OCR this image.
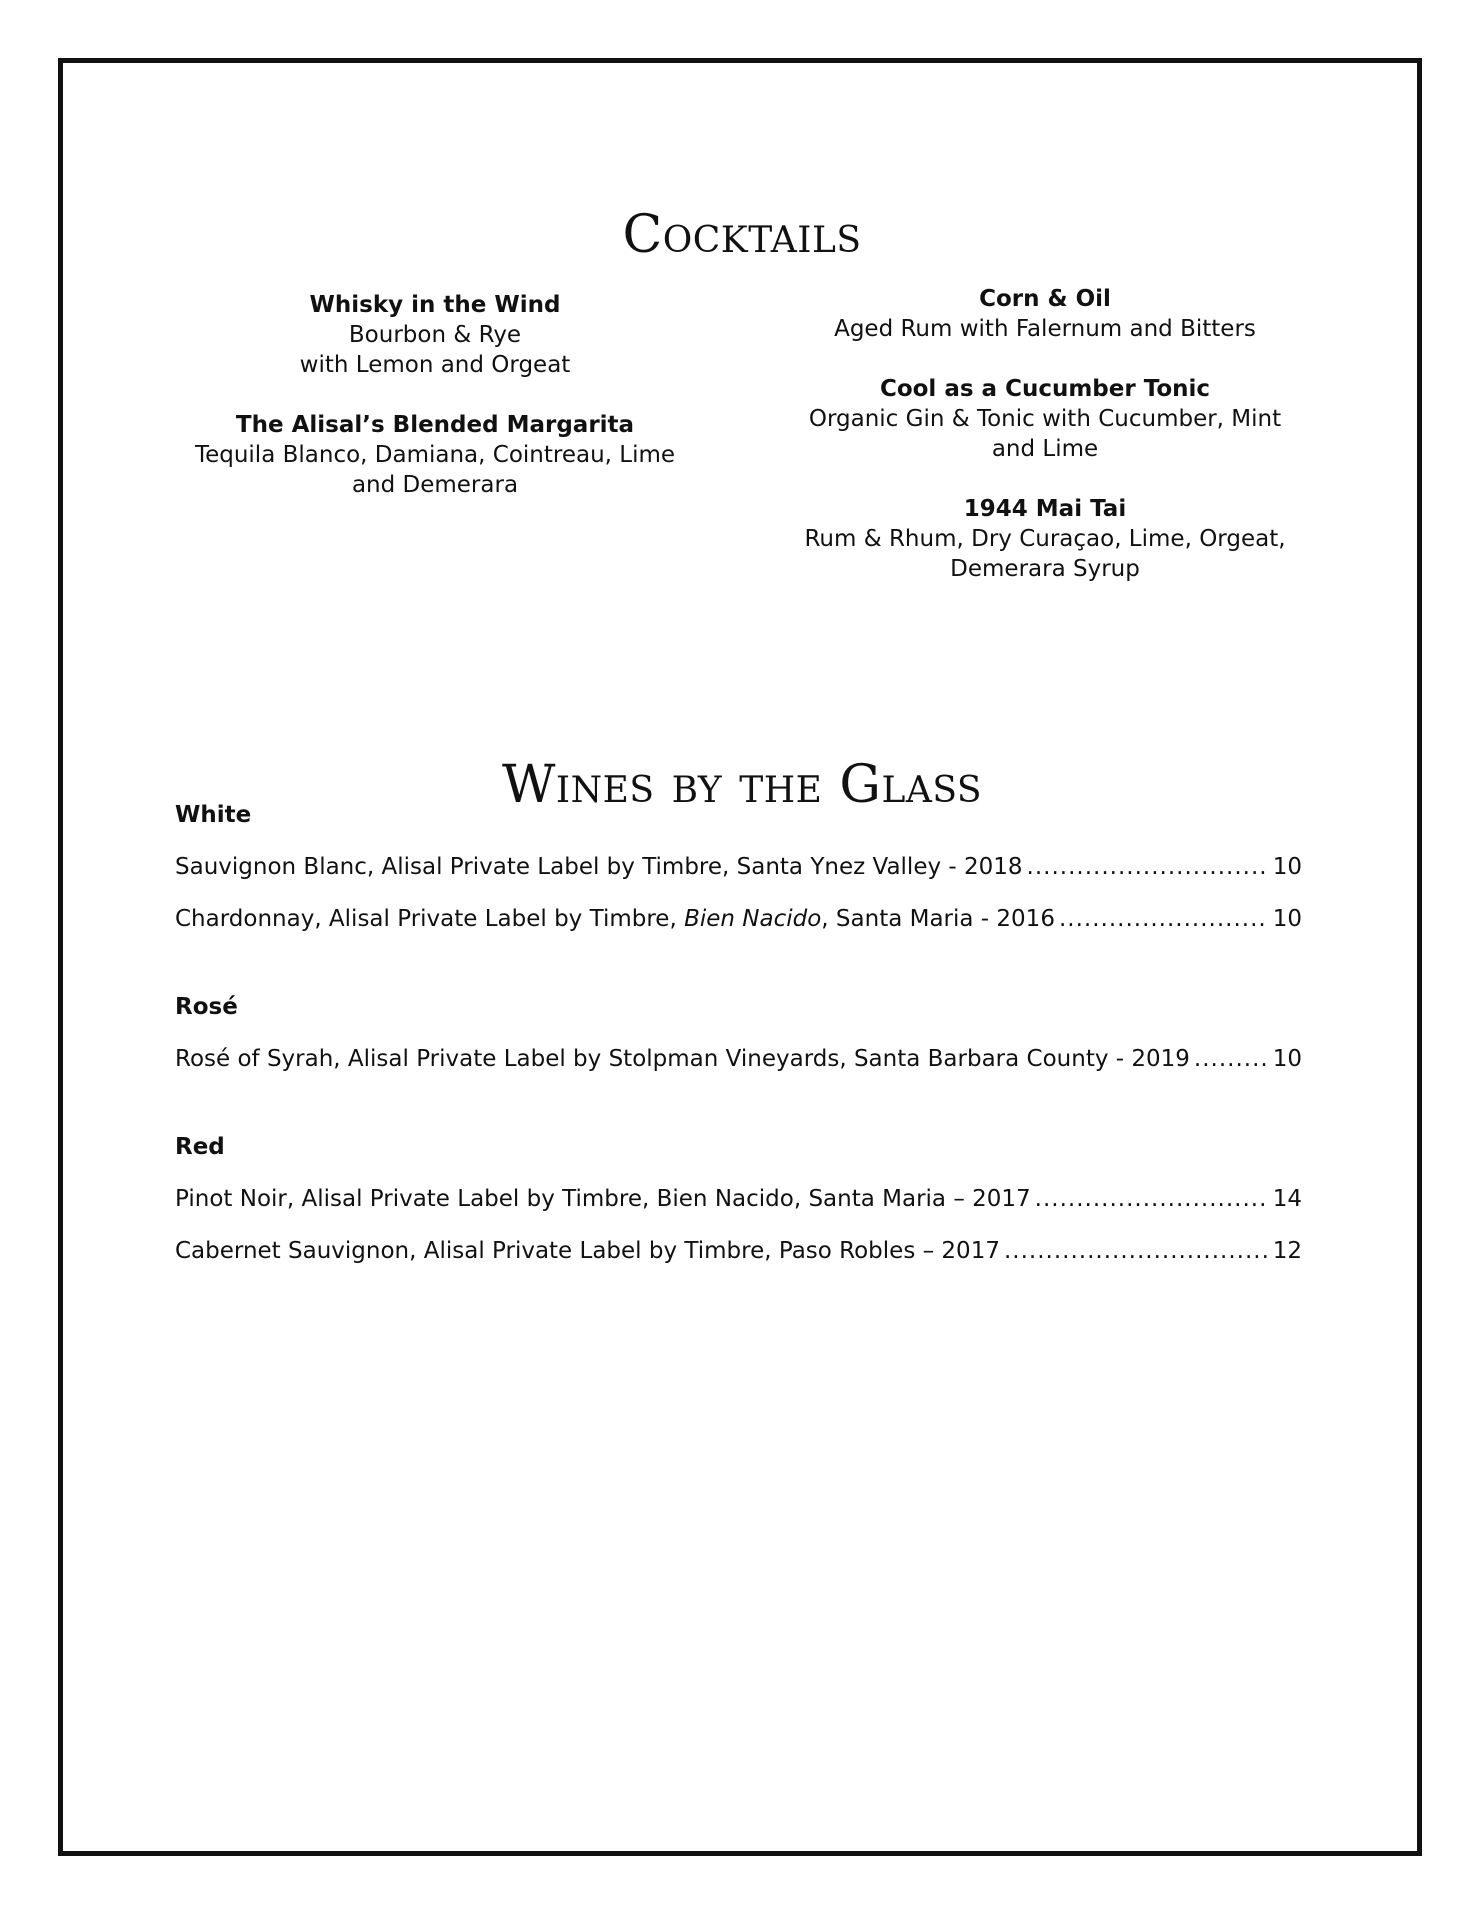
Cocktails
Whisky in the Wind
Bourbon & Rye
with Lemon and Orgeat
The Alisal’s Blended Margarita
Tequila Blanco, Damiana, Cointreau, Lime
and Demerara
Corn & Oil
Aged Rum with Falernum and Bitters
Cool as a Cucumber Tonic
Organic Gin & Tonic with Cucumber, Mint
and Lime
1944 Mai Tai
Rum & Rhum, Dry Curaçao, Lime, Orgeat,
Demerara Syrup
Wines by the Glass
White
Sauvignon Blanc, Alisal Private Label by Timbre, Santa Ynez Valley - 2018 .....	10
Chardonnay, Alisal Private Label by Timbre, Bien Nacido, Santa Maria - 2016 .....	10
Rosé
Rosé of Syrah, Alisal Private Label by Stolpman Vineyards, Santa Barbara County - 2019 .....	10
Red
Pinot Noir, Alisal Private Label by Timbre, Bien Nacido, Santa Maria – 2017 .....	14
Cabernet Sauvignon, Alisal Private Label by Timbre, Paso Robles – 2017 .....	12
